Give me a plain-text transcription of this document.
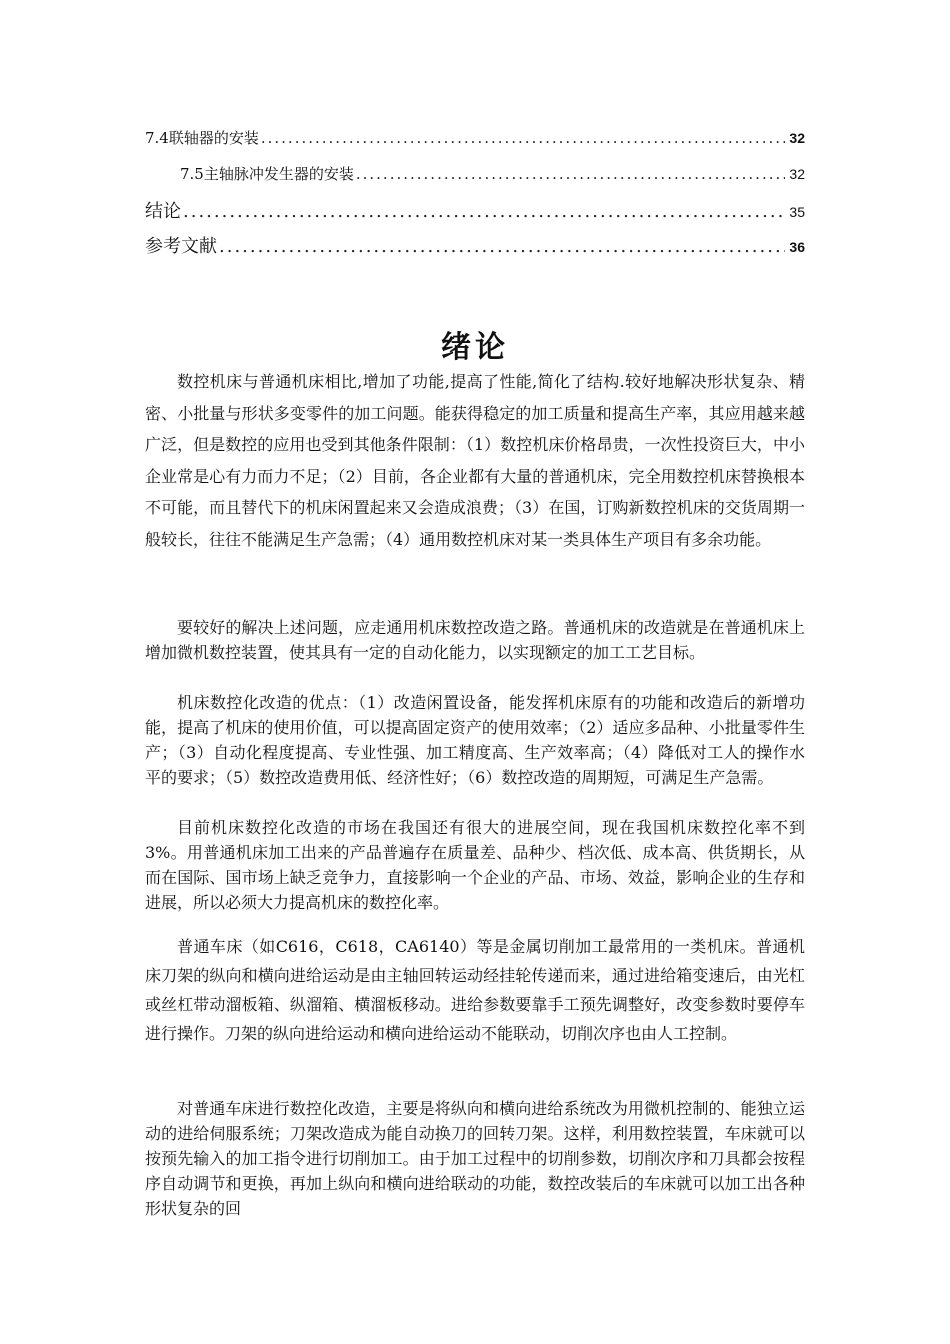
7.4联轴器的安装 .....	32
7.5主轴脉冲发生器的安装 .....	32
结论 .....	35
参考文献 .....	36
绪论

数控机床与普通机床相比,增加了功能,提高了性能,简化了结构.较好地解决形状复杂、精密、小批量与形状多变零件的加工问题。能获得稳定的加工质量和提高生产率，其应用越来越广泛，但是数控的应用也受到其他条件限制：（1）数控机床价格昂贵，一次性投资巨大，中小企业常是心有力而力不足；（2）目前，各企业都有大量的普通机床，完全用数控机床替换根本不可能，而且替代下的机床闲置起来又会造成浪费；（3）在国，订购新数控机床的交货周期一般较长，往往不能满足生产急需；（4）通用数控机床对某一类具体生产项目有多余功能。

要较好的解决上述问题，应走通用机床数控改造之路。普通机床的改造就是在普通机床上增加微机数控装置，使其具有一定的自动化能力，以实现额定的加工工艺目标。

机床数控化改造的优点：（1）改造闲置设备，能发挥机床原有的功能和改造后的新增功能，提高了机床的使用价值，可以提高固定资产的使用效率；（2）适应多品种、小批量零件生产；（3）自动化程度提高、专业性强、加工精度高、生产效率高；（4）降低对工人的操作水平的要求；（5）数控改造费用低、经济性好；（6）数控改造的周期短，可满足生产急需。

目前机床数控化改造的市场在我国还有很大的进展空间，现在我国机床数控化率不到3%。用普通机床加工出来的产品普遍存在质量差、品种少、档次低、成本高、供货期长，从而在国际、国市场上缺乏竞争力，直接影响一个企业的产品、市场、效益，影响企业的生存和进展，所以必须大力提高机床的数控化率。

普通车床（如C616，C618，CA6140）等是金属切削加工最常用的一类机床。普通机床刀架的纵向和横向进给运动是由主轴回转运动经挂轮传递而来，通过进给箱变速后，由光杠或丝杠带动溜板箱、纵溜箱、横溜板移动。进给参数要靠手工预先调整好，改变参数时要停车进行操作。刀架的纵向进给运动和横向进给运动不能联动，切削次序也由人工控制。

对普通车床进行数控化改造，主要是将纵向和横向进给系统改为用微机控制的、能独立运动的进给伺服系统；刀架改造成为能自动换刀的回转刀架。这样，利用数控装置，车床就可以按预先输入的加工指令进行切削加工。由于加工过程中的切削参数，切削次序和刀具都会按程序自动调节和更换，再加上纵向和横向进给联动的功能，数控改装后的车床就可以加工出各种形状复杂的回
